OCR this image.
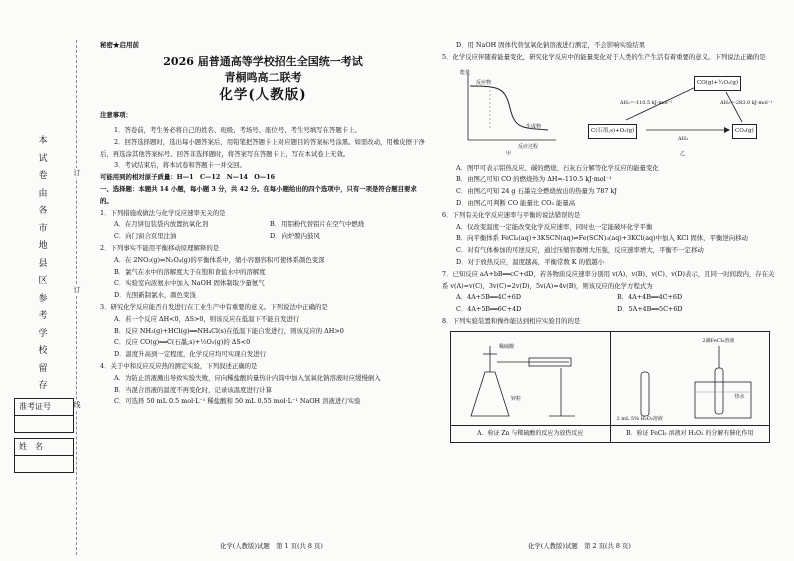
本
试
卷
由
各
市
地
县
区
参
考
学
校
留
存
订
订
线
准考证号
姓　名
秘密★启用前
2026 届普通高等学校招生全国统一考试
青桐鸣高二联考
化学(人教版)
注意事项：
1．答卷前，考生务必将自己的姓名、班级、考场号、座位号、考生号填写在答题卡上。
2．回答选择题时，选出每小题答案后，用铅笔把答题卡上对应题目的答案标号涂黑。如需改动，用橡皮擦干净后，再选涂其他答案标号。回答非选择题时，将答案写在答题卡上，写在本试卷上无效。
3．考试结束后，将本试卷和答题卡一并交回。
可能用到的相对原子质量：H—1　C—12　N—14　O—16
一、选择题：本题共 14 小题，每小题 3 分，共 42 分。在每小题给出的四个选项中，只有一项是符合题目要求的。
1．下列措施或做法与化学反应速率无关的是
A．在月饼包装袋内放置抗氧化剂	B．用铝粉代替铝片在空气中燃烧
C．向门窗合页里注油	D．向炉膛内鼓风
2．下列事实不能用平衡移动原理解释的是
A．在 2NO₂(g)⇌N₂O₄(g)的平衡体系中，缩小容器容积可使体系颜色变深
B．氯气在水中的溶解度大于在饱和食盐水中的溶解度
C．实验室向浓氨水中加入 NaOH 固体制取少量氨气
D．光照新制氯水，颜色变浅
3．研究化学反应能否自发进行在工业生产中有重要的意义。下列说法中正确的是
A．若一个反应 ΔH<0，ΔS>0，则该反应在低温下不能自发进行
B．反应 NH₃(g)+HCl(g)══NH₄Cl(s)在低温下能自发进行，则该反应的 ΔH>0
C．反应 CO(g)══C(石墨,s)+½O₂(g)的 ΔS<0
D．温度升高到一定程度，化学反应均可实现自发进行
4．关于中和反应反应热的测定实验，下列叙述正确的是
A．为防止溶液溅出导致实验失败，应向稀盐酸的量热计内筒中加入氢氧化钠溶液时应缓慢倒入
B．当混合溶液的温度不再变化时，记录该温度进行计算
C．可选择 50 mL 0.5 mol·L⁻¹ 稀盐酸和 50 mL 0.55 mol·L⁻¹ NaOH 溶液进行实验
D．用 NaOH 固体代替氢氧化钠溶液进行测定，不会影响实验结果
5．化学反应伴随着能量变化，研究化学反应中的能量变化对于人类的生产生活有着重要的意义。下列说法正确的是
能量
反应物
生成物
反应过程
甲
CO(g)+½O₂(g)
C(石墨,s)+O₂(g)	CO₂(g)
ΔH₁=-110.5 kJ·mol⁻¹	ΔH₂=-283.0 kJ·mol⁻¹
ΔH₃
乙
A．图甲可表示铝热反应、碳的燃烧、石灰石分解等化学反应的能量变化
B．由图乙可知 CO 的燃烧热为 ΔH=-110.5 kJ·mol⁻¹
C．由图乙可知 24 g 石墨完全燃烧放出的热量为 787 kJ
D．由图乙可判断 CO 能量比 CO₂ 能量高
6．下列有关化学反应速率与平衡的说法错误的是
A．仅改变温度一定能改变化学反应速率，同时也一定能破坏化学平衡
B．向平衡体系 FeCl₃(aq)+3KSCN(aq)⇌Fe(SCN)₃(aq)+3KCl(aq)中加入 KCl 固体，平衡逆向移动
C．对有气体参加的可逆反应，通过压缩容器增大压强，反应速率增大，平衡不一定移动
D．对于放热反应，温度越高，平衡常数 K 的值越小
7．已知反应 aA+bB══cC+dD，若各物质反应速率分别用 v(A)、v(B)、v(C)、v(D)表示，且同一时间段内，存在关系 v(A)=v(C)，3v(C)=2v(D)，5v(A)=4v(B)，则该反应的化学方程式为
A．4A+5B══4C+6D	B．4A+4B══4C+6D
C．4A+5B══6C+4D	D．5A+4B══5C+6D
8．下列实验装置和操作能达到相应实验目的的是
稀硫酸
锌粒
A．验证 Zn 与稀硫酸的反应为放热反应
2滴FeCl₃溶液
热水
2 mL 5% H₂O₂溶液
B．验证 FeCl₃ 溶液对 H₂O₂ 的分解有催化作用
化学(人教版)试题　第 1 页(共 8 页)	化学(人教版)试题　第 2 页(共 8 页)
